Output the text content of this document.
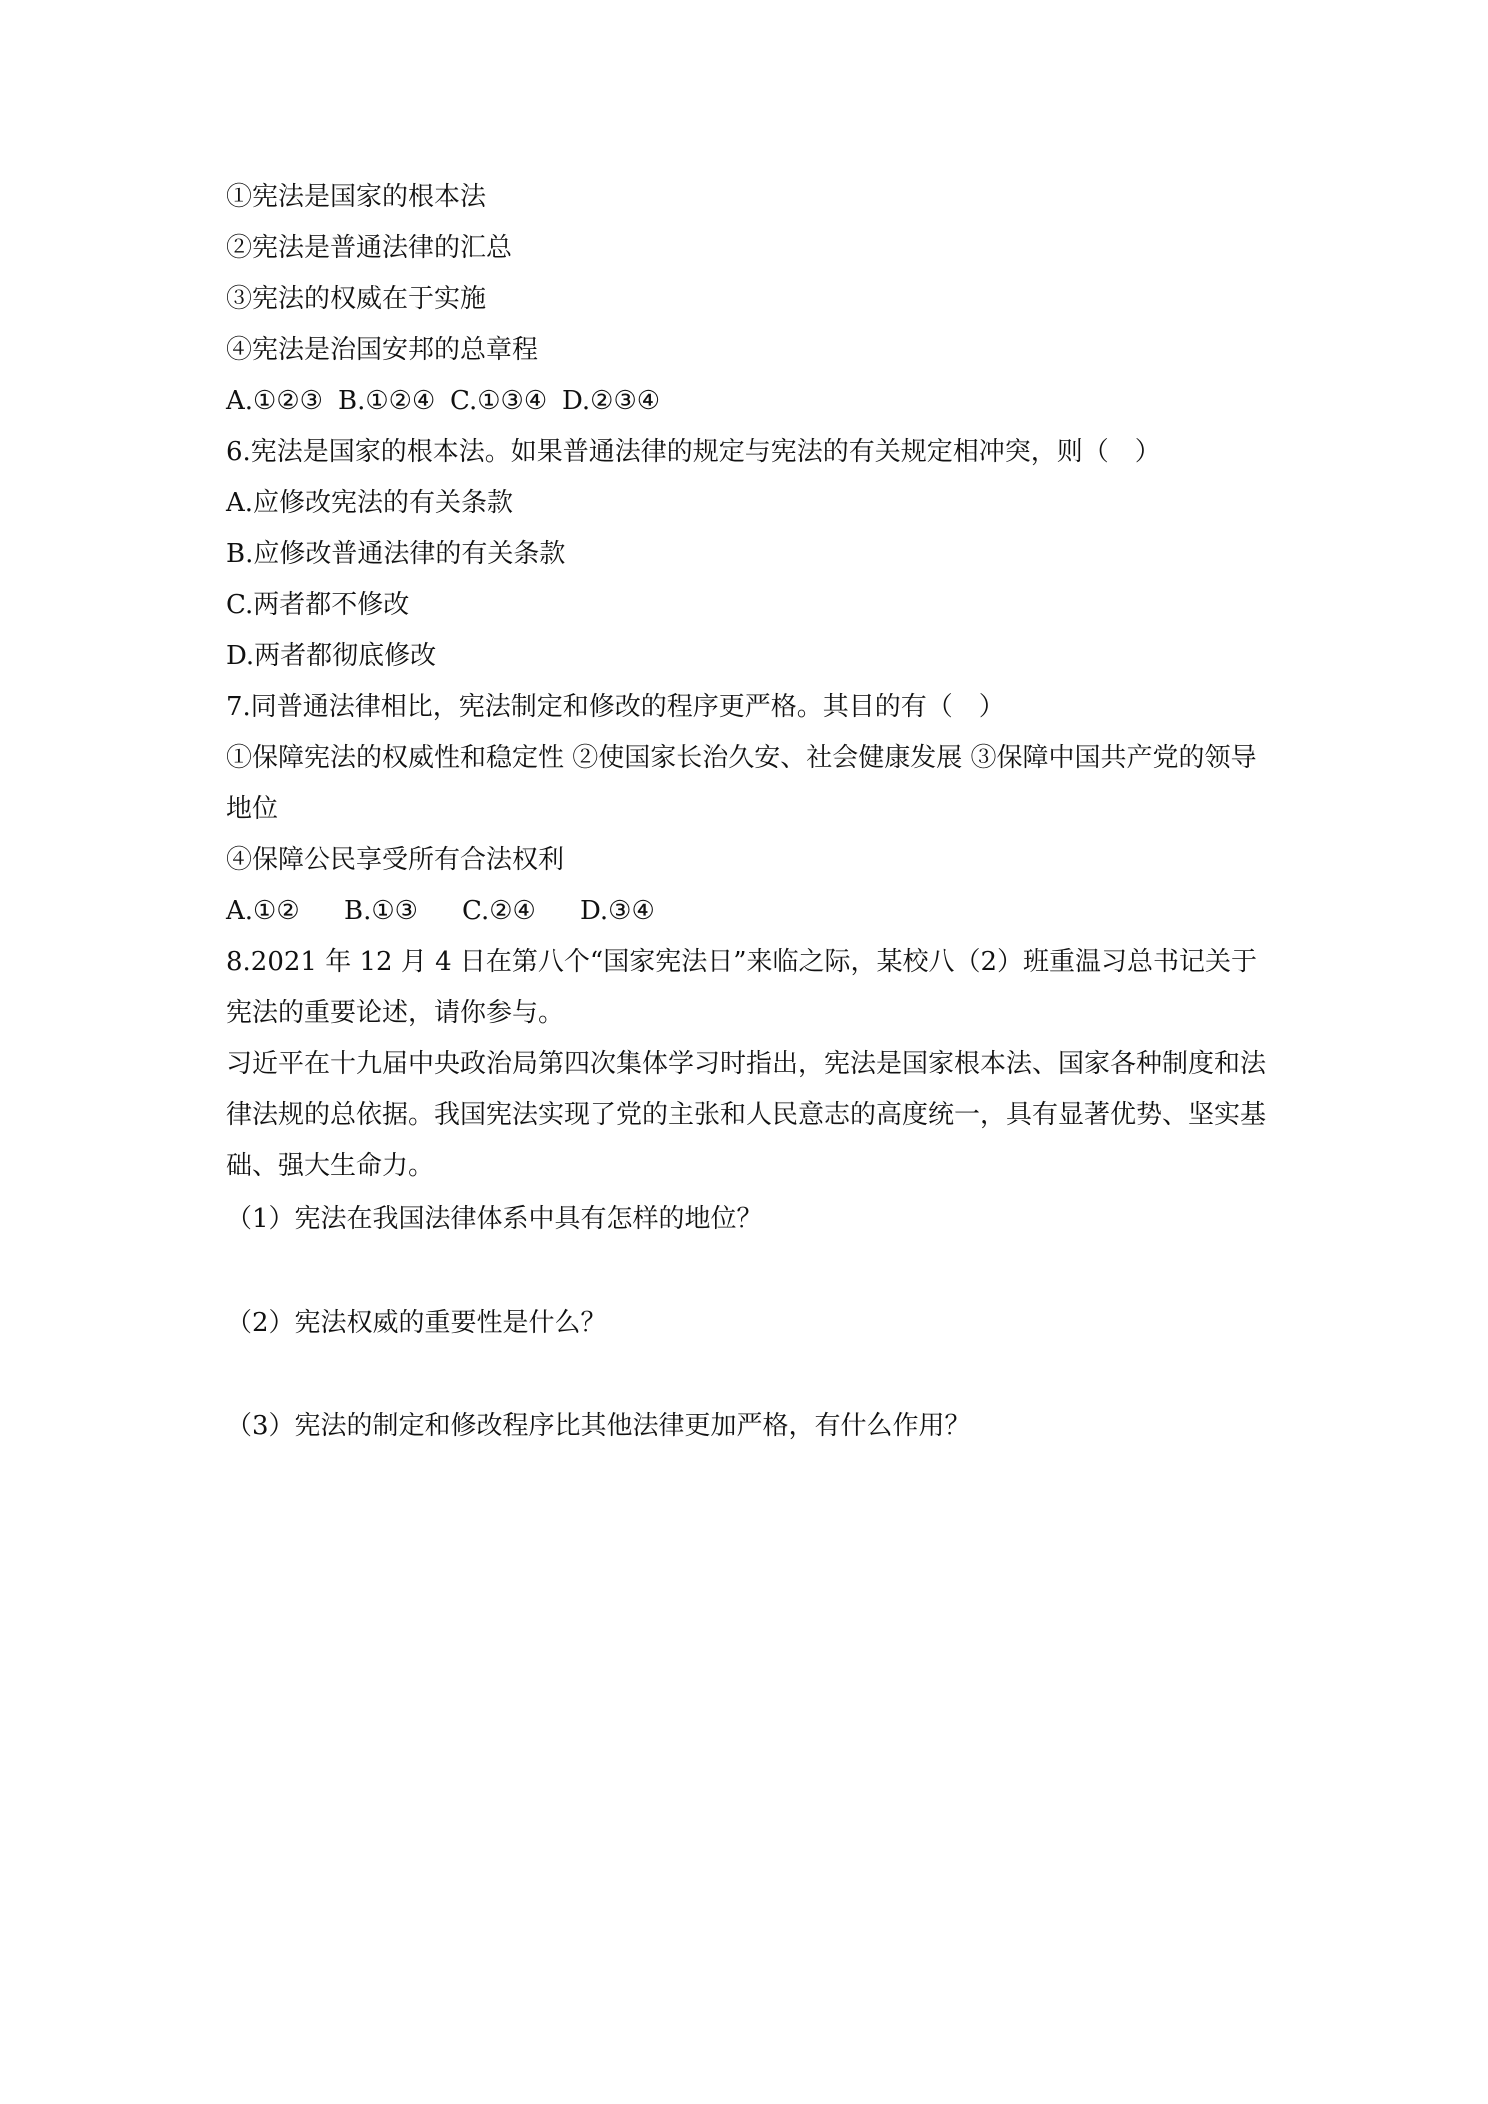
①宪法是国家的根本法
②宪法是普通法律的汇总
③宪法的权威在于实施
④宪法是治国安邦的总章程
A.①②③ B.①②④ C.①③④ D.②③④
6.宪法是国家的根本法。如果普通法律的规定与宪法的有关规定相冲突，则（　）
A.应修改宪法的有关条款
B.应修改普通法律的有关条款
C.两者都不修改
D.两者都彻底修改
7.同普通法律相比，宪法制定和修改的程序更严格。其目的有（　）
①保障宪法的权威性和稳定性 ②使国家长治久安、社会健康发展 ③保障中国共产党的领导
地位
④保障公民享受所有合法权利
A.①② B.①③ C.②④ D.③④
8.2021 年 12 月 4 日在第八个“国家宪法日”来临之际，某校八（2）班重温习总书记关于
宪法的重要论述，请你参与。
习近平在十九届中央政治局第四次集体学习时指出，宪法是国家根本法、国家各种制度和法
律法规的总依据。我国宪法实现了党的主张和人民意志的高度统一，具有显著优势、坚实基
础、强大生命力。
（1）宪法在我国法律体系中具有怎样的地位？
（2）宪法权威的重要性是什么？
（3）宪法的制定和修改程序比其他法律更加严格，有什么作用？
